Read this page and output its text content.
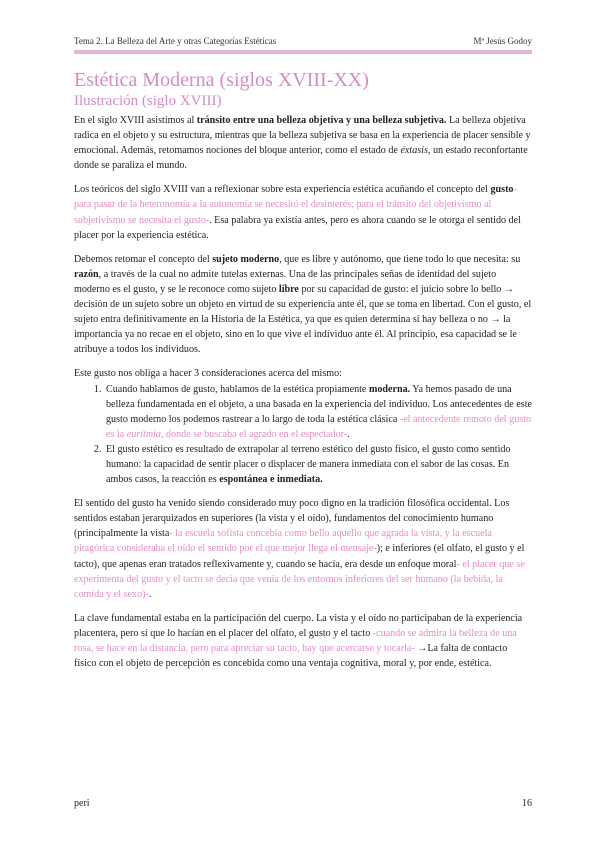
Tema 2. La Belleza del Arte y otras Categorías Estéticas	Mª Jesús Godoy
Estética Moderna (siglos XVIII-XX)
Ilustración (siglo XVIII)

En el siglo XVIII asistimos al tránsito entre una belleza objetiva y una belleza subjetiva. La belleza objetiva radica en el objeto y su estructura, mientras que la belleza subjetiva se basa en la experiencia de placer sensible y emocional. Además, retomamos nociones del bloque anterior, como el estado de éxtasis, un estado reconfortante donde se paraliza el mundo.

Los teóricos del siglo XVIII van a reflexionar sobre esta experiencia estética acuñando el concepto del gusto- para pasar de la heteronomía a la autonomía se necesitó el desinterés; para el tránsito del objetivismo al subjetivismo se necesita el gusto-. Esa palabra ya existía antes, pero es ahora cuando se le otorga el sentido del placer por la experiencia estética.

Debemos retomar el concepto del sujeto moderno, que es libre y autónomo, que tiene todo lo que necesita: su razón, a través de la cual no admite tutelas externas. Una de las principales señas de identidad del sujeto moderno es el gusto, y se le reconoce como sujeto libre por su capacidad de gusto: el juicio sobre lo bello → decisión de un sujeto sobre un objeto en virtud de su experiencia ante él, que se toma en libertad. Con el gusto, el sujeto entra definitivamente en la Historia de la Estética, ya que es quien determina si hay belleza o no → la importancia ya no recae en el objeto, sino en lo que vive el individuo ante él. Al principio, esa capacidad se le atribuye a todos los individuos.

Este gusto nos obliga a hacer 3 consideraciones acerca del mismo:

1. Cuando hablamos de gusto, hablamos de la estética propiamente moderna. Ya hemos pasado de una belleza fundamentada en el objeto, a una basada en la experiencia del individuo. Los antecedentes de este gusto moderno los podemos rastrear a lo largo de toda la estética clásica -el antecedente remoto del gusto es la eurítmia, donde se buscaba el agrado en el espectador-.
2. El gusto estético es resultado de extrapolar al terreno estético del gusto físico, el gusto como sentido humano: la capacidad de sentir placer o displacer de manera inmediata con el sabor de las cosas. En ambos casos, la reacción es espontánea e inmediata.

El sentido del gusto ha venido siendo considerado muy poco digno en la tradición filosófica occidental. Los sentidos estaban jerarquizados en superiores (la vista y el oído), fundamentos del conocimiento humano (principalmente la vista- la escuela sofista concebía como bello aquello que agrada la vista, y la escuela pitagórica consideraba el oído el sentido por el que mejor llega el mensaje-); e inferiores (el olfato, el gusto y el tacto), que apenas eran tratados reflexivamente y, cuando se hacía, era desde un enfoque moral- el placer que se experimenta del gusto y el tacto se decía que venía de los entornos inferiores del ser humano (la bebida, la comida y el sexo)-.

La clave fundamental estaba en la participación del cuerpo. La vista y el oído no participaban de la experiencia placentera, pero sí que lo hacían en el placer del olfato, el gusto y el tacto -cuando se admira la belleza de una rosa, se hace en la distancia, pero para apreciar su tacto, hay que acercarse y tocarla- →La falta de contacto físico con el objeto de percepción es concebida como una ventaja cognitiva, moral y, por ende, estética.

peri	16
